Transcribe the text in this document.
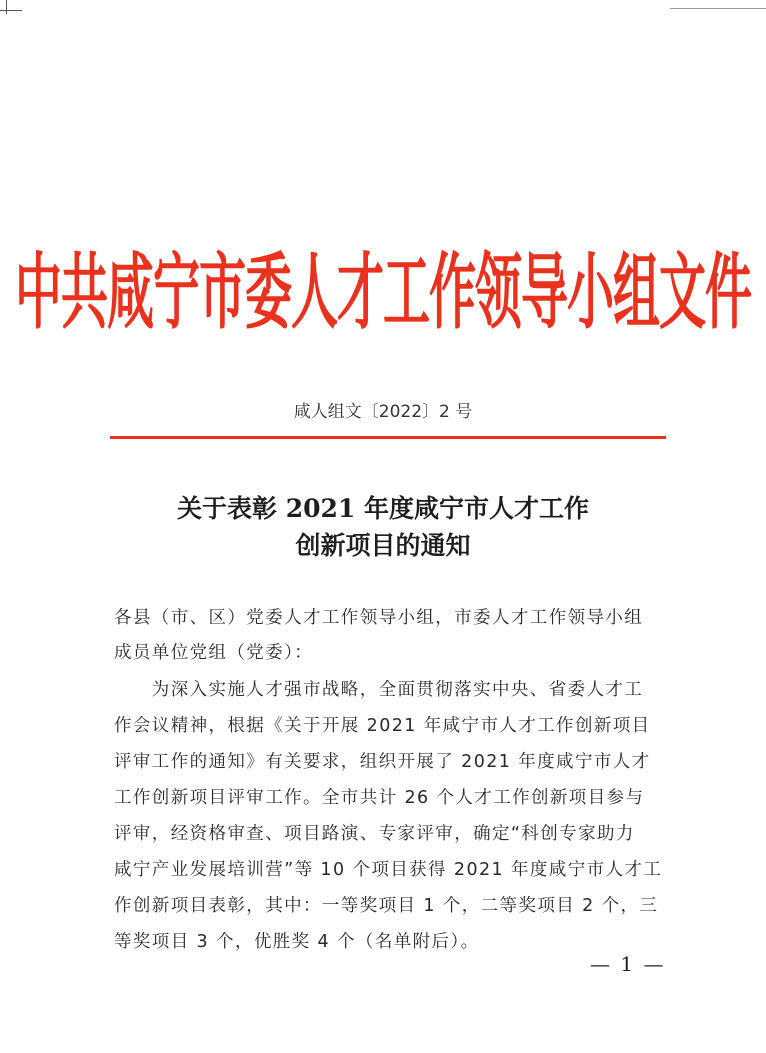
中共咸宁市委人才工作领导小组文件
咸人组文〔2022〕2 号
关于表彰 2021 年度咸宁市人才工作
创新项目的通知
各县（市、区）党委人才工作领导小组，市委人才工作领导小组
成员单位党组（党委）：
　　为深入实施人才强市战略，全面贯彻落实中央、省委人才工
作会议精神，根据《关于开展 2021 年咸宁市人才工作创新项目
评审工作的通知》有关要求，组织开展了 2021 年度咸宁市人才
工作创新项目评审工作。全市共计 26 个人才工作创新项目参与
评审，经资格审查、项目路演、专家评审，确定“科创专家助力
咸宁产业发展培训营”等 10 个项目获得 2021 年度咸宁市人才工
作创新项目表彰，其中：一等奖项目 1 个，二等奖项目 2 个，三
等奖项目 3 个，优胜奖 4 个（名单附后）。
— 1 —
